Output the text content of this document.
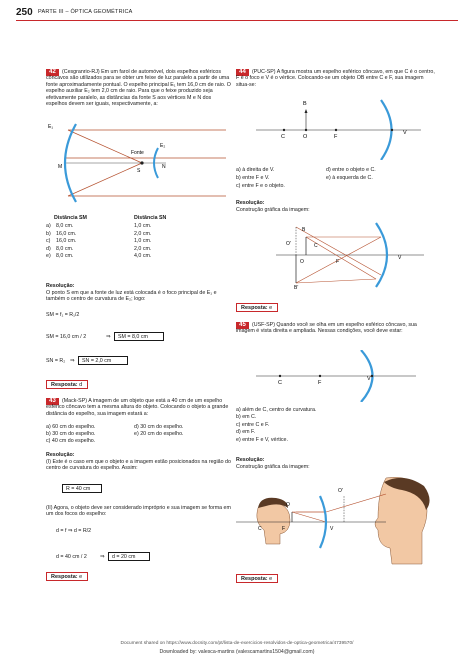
250 PARTE III – ÓPTICA GEOMÉTRICA
42	(Cesgranrio-RJ) Em um farol de automóvel, dois espelhos esféricos côncavos são utilizados para se obter um feixe de luz paralelo a partir de uma fonte aproximadamente pontual. O espelho principal E₁ tem 16,0 cm de raio. O espelho auxiliar E₂ tem 2,0 cm de raio. Para que o feixe produzido seja efetivamente paralelo, as distâncias da fonte S aos vértices M e N dos espelhos devem ser iguais, respectivamente, a:
E₁
E₂
Fonte
M
S
N
Distância SM	Distância SN
a) 8,0 cm.	1,0 cm.
b) 16,0 cm.	2,0 cm.
c) 16,0 cm.	1,0 cm.
d) 8,0 cm.	2,0 cm.
e) 8,0 cm.	4,0 cm.
Resolução:
O ponto S em que a fonte de luz está colocada é o foco principal de E₁ e também o centro de curvatura de E₂; logo:
SM = f₁ = R₁/2
SM = 16,0 cm / 2	⇒	SM = 8,0 cm
SN = R₂ ⇒	SN = 2,0 cm
Resposta: d
43	(Mack-SP) A imagem de um objeto que está a 40 cm de um espelho esférico côncavo tem a mesma altura do objeto. Colocando o objeto a grande distância do espelho, sua imagem estará a:
a) 60 cm do espelho.	d) 30 cm do espelho.
b) 30 cm do espelho.	e) 20 cm do espelho.
c) 40 cm do espelho.
Resolução:
(I) Este é o caso em que o objeto e a imagem estão posicionados na região do centro de curvatura do espelho. Assim:
R = 40 cm
(II) Agora, o objeto deve ser considerado impróprio e sua imagem se forma em um dos focos do espelho:
d = f ⇒ d = R/2
d = 40 cm / 2 ⇒	d = 20 cm
Resposta: e
44	(PUC-SP) A figura mostra um espelho esférico côncavo, em que C é o centro, F é o foco e V é o vértice. Colocando-se um objeto OB entre C e F, sua imagem situa-se:
B
C	O	F
V
a) à direita de V.	d) entre o objeto e C.
b) entre F e V.	e) à esquerda de C.
c) entre F e o objeto.
Resolução:
Construção gráfica da imagem:
B
O'	C
O	F
V
B'
Resposta: e
45	(USF-SP) Quando você se olha em um espelho esférico côncavo, sua imagem é vista direita e ampliada. Nessas condições, você deve estar:
C	F
V
a) além de C, centro de curvatura.
b) em C.
c) entre C e F.
d) em F.
e) entre F e V, vértice.
Resolução:
Construção gráfica da imagem:
O
O'
C	F	V
Resposta: e
Document shared on https://www.docsity.com/pt/lista-de-exercicios-resolvidos-de-optica-geometrica/4739570/
Downloaded by: valesca-martins (valescamartins1504@gmail.com)
